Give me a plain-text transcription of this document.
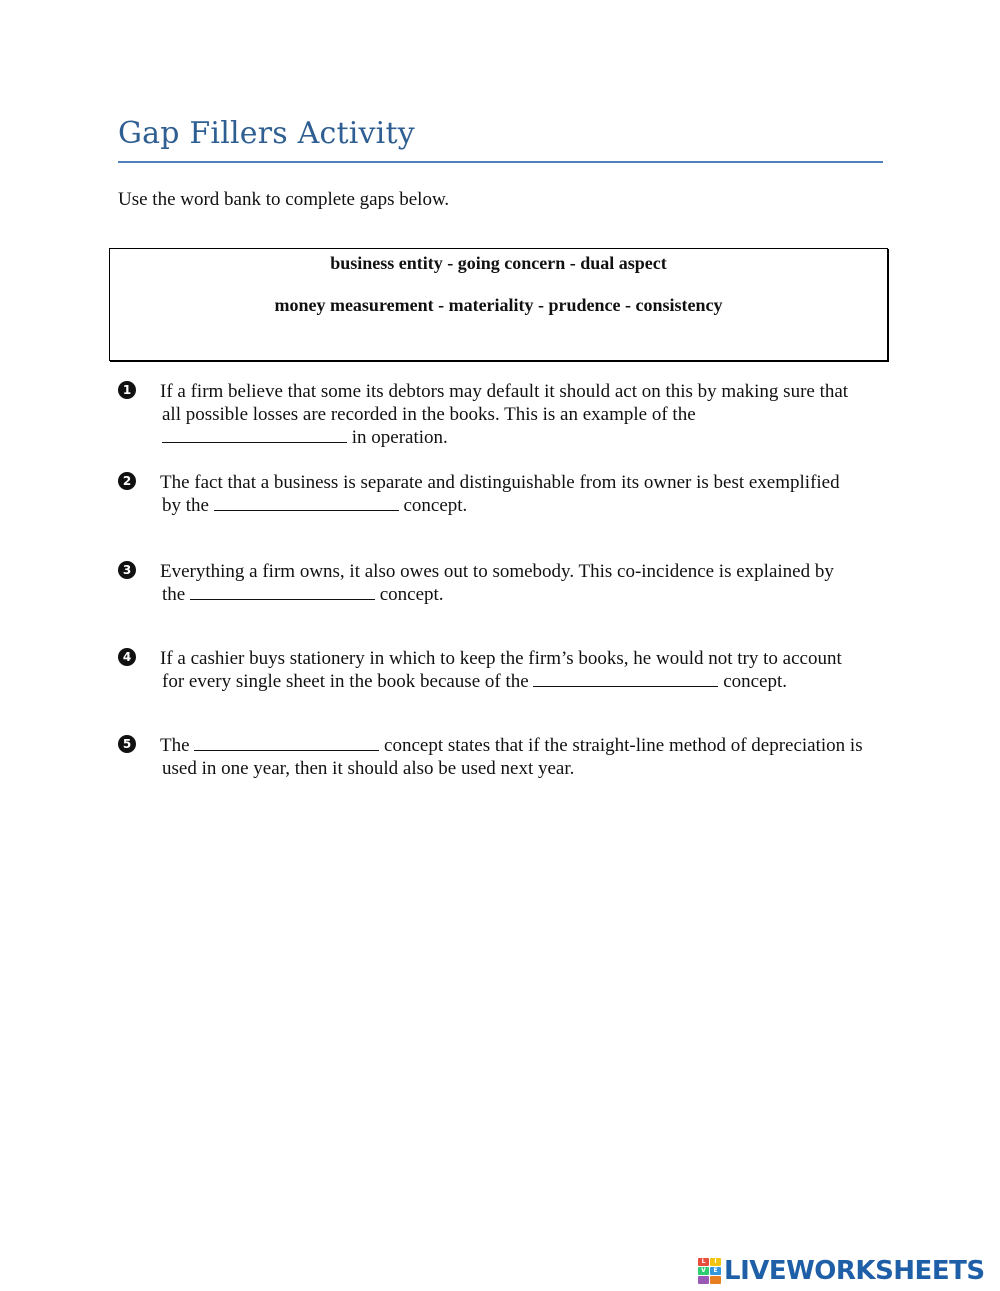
Gap Fillers Activity
Use the word bank to complete gaps below.
business entity - going concern - dual aspect
money measurement - materiality - prudence - consistency
1 If a firm believe that some its debtors may default it should act on this by making sure that
all possible losses are recorded in the books. This is an example of the
in operation.
2 The fact that a business is separate and distinguishable from its owner is best exemplified
by the	concept.
3 Everything a firm owns, it also owes out to somebody. This co-incidence is explained by
the	concept.
4 If a cashier buys stationery in which to keep the firm’s books, he would not try to account
for every single sheet in the book because of the	concept.
5 The	concept states that if the straight-line method of depreciation is
used in one year, then it should also be used next year.
L	I
V	E LIVEWORKSHEETS
